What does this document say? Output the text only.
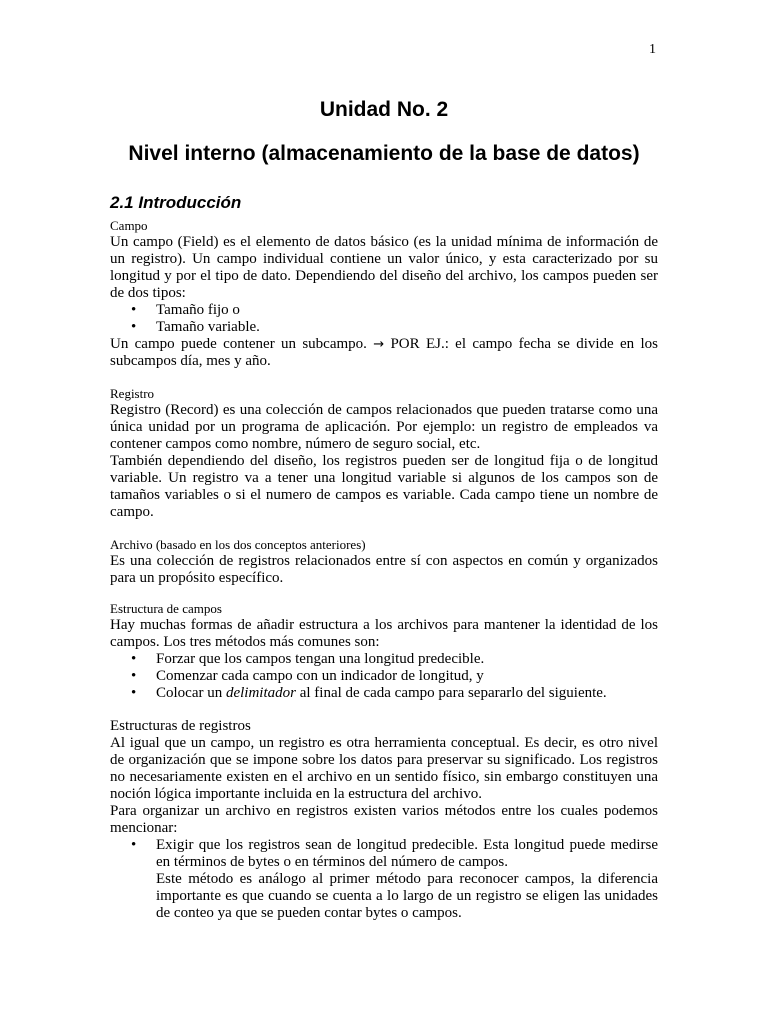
1
Unidad No. 2
Nivel interno (almacenamiento de la base de datos)
2.1 Introducción

Campo

Un campo (Field) es el elemento de datos básico (es la unidad mínima de información de un registro). Un campo individual contiene un valor único, y esta caracterizado por su longitud y por el tipo de dato. Dependiendo del diseño del archivo, los campos pueden ser de dos tipos:

• Tamaño fijo o
• Tamaño variable.

Un campo puede contener un subcampo. → POR EJ.: el campo fecha se divide en los subcampos día, mes y año.

Registro

Registro (Record) es una colección de campos relacionados que pueden tratarse como una única unidad por un programa de aplicación. Por ejemplo: un registro de empleados va contener campos como nombre, número de seguro social, etc.

También dependiendo del diseño, los registros pueden ser de longitud fija o de longitud variable. Un registro va a tener una longitud variable si algunos de los campos son de tamaños variables o si el numero de campos es variable. Cada campo tiene un nombre de campo.

Archivo (basado en los dos conceptos anteriores)

Es una colección de registros relacionados entre sí con aspectos en común y organizados para un propósito específico.

Estructura de campos

Hay muchas formas de añadir estructura a los archivos para mantener la identidad de los campos. Los tres métodos más comunes son:

• Forzar que los campos tengan una longitud predecible.
• Comenzar cada campo con un indicador de longitud, y
• Colocar un delimitador al final de cada campo para separarlo del siguiente.

Estructuras de registros

Al igual que un campo, un registro es otra herramienta conceptual. Es decir, es otro nivel de organización que se impone sobre los datos para preservar su significado. Los registros no necesariamente existen en el archivo en un sentido físico, sin embargo constituyen una noción lógica importante incluida en la estructura del archivo.

Para organizar un archivo en registros existen varios métodos entre los cuales podemos mencionar:

• Exigir que los registros sean de longitud predecible. Esta longitud puede medirse en términos de bytes o en términos del número de campos.

Este método es análogo al primer método para reconocer campos, la diferencia importante es que cuando se cuenta a lo largo de un registro se eligen las unidades de conteo ya que se pueden contar bytes o campos.
